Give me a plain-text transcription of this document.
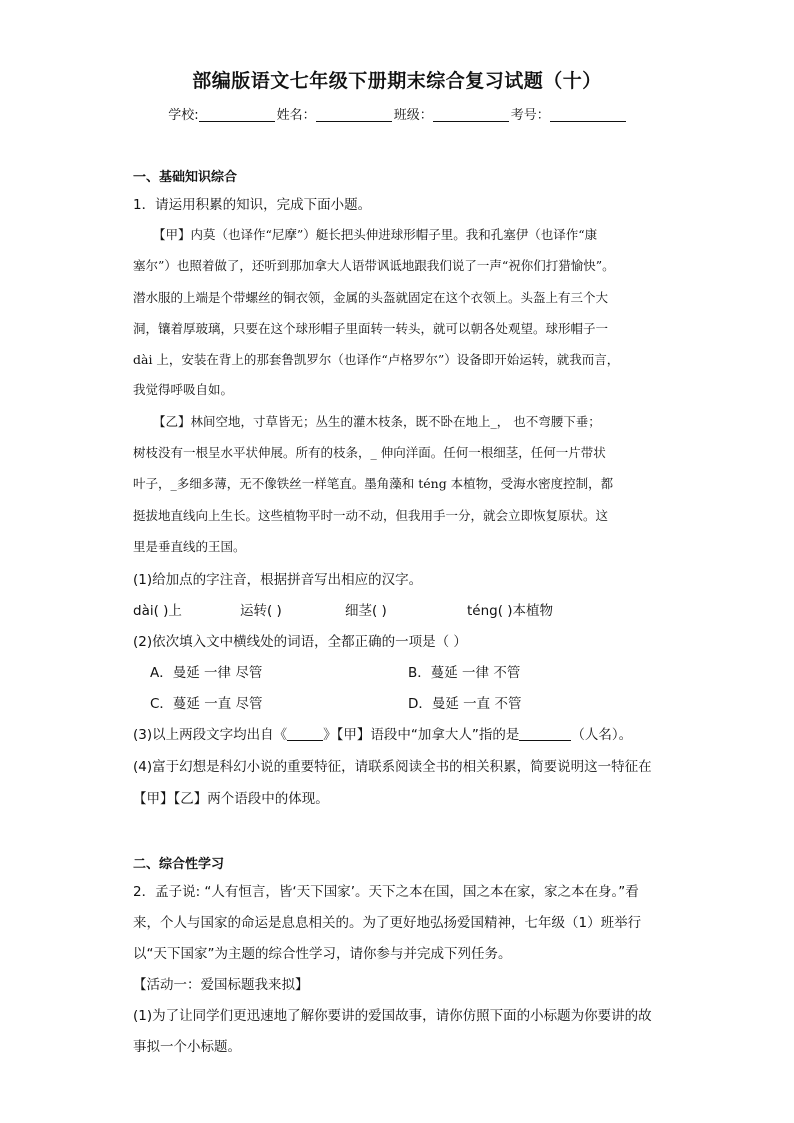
部编版语文七年级下册期末综合复习试题（十）
学校:	姓名：	班级：	考号：
一、基础知识综合
1．请运用积累的知识，完成下面小题。
【甲】内莫（也译作“尼摩”）艇长把头伸进球形帽子里。我和孔塞伊（也译作“康
塞尔”）也照着做了，还听到那加拿大人语带讽诋地跟我们说了一声“祝你们打猎愉快”。
潜水服的上端是个带螺丝的铜衣领，金属的头盔就固定在这个衣领上。头盔上有三个大
洞，镶着厚玻璃，只要在这个球形帽子里面转一转头，就可以朝各处观望。球形帽子一
dài 上，安装在背上的那套鲁凯罗尔（也译作“卢格罗尔”）设备即开始运转，就我而言，
我觉得呼吸自如。
【乙】林间空地，寸草皆无；丛生的灌木枝条，既不卧在地上_， 也不弯腰下垂；
树枝没有一根呈水平状伸展。所有的枝条，_ 伸向洋面。任何一根细茎，任何一片带状
叶子，_多细多薄，无不像铁丝一样笔直。墨角藻和 téng 本植物，受海水密度控制，都
挺拔地直线向上生长。这些植物平时一动不动，但我用手一分，就会立即恢复原状。这
里是垂直线的王国。
(1)给加点的字注音，根据拼音写出相应的汉字。
dài( )上	运转( )	细茎( )	téng( )本植物
(2)依次填入文中横线处的词语，全都正确的一项是（ ）
A．曼延 一律 尽管	B．蔓延 一律 不管
C．蔓延 一直 尽管	D．曼延 一直 不管
(3)以上两段文字均出自《	》【甲】语段中“加拿大人”指的是	（人名）。
(4)富于幻想是科幻小说的重要特征，请联系阅读全书的相关积累，简要说明这一特征在
【甲】【乙】两个语段中的体现。
二、综合性学习
2．孟子说: “人有恒言，皆‘天下国家’。天下之本在国，国之本在家，家之本在身。”看
来，个人与国家的命运是息息相关的。为了更好地弘扬爱国精神，七年级（1）班举行
以“天下国家”为主题的综合性学习，请你参与并完成下列任务。
【活动一：爱国标题我来拟】
(1)为了让同学们更迅速地了解你要讲的爱国故事，请你仿照下面的小标题为你要讲的故
事拟一个小标题。
